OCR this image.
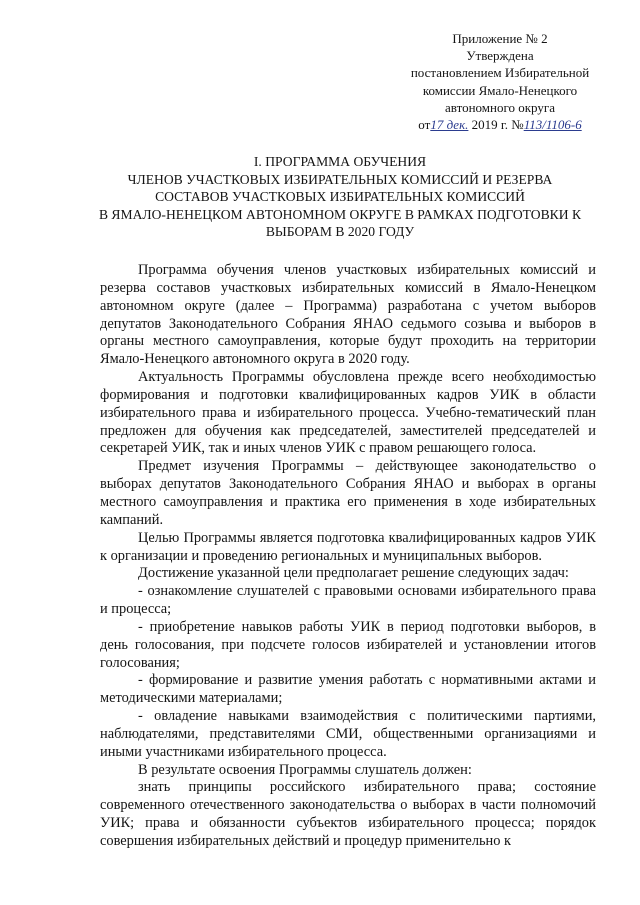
Приложение № 2
Утверждена
постановлением Избирательной
комиссии Ямало-Ненецкого
автономного округа
от17 дек. 2019 г. №113/1106-6
I. ПРОГРАММА ОБУЧЕНИЯ
ЧЛЕНОВ УЧАСТКОВЫХ ИЗБИРАТЕЛЬНЫХ КОМИССИЙ И РЕЗЕРВА
СОСТАВОВ УЧАСТКОВЫХ ИЗБИРАТЕЛЬНЫХ КОМИССИЙ
В ЯМАЛО-НЕНЕЦКОМ АВТОНОМНОМ ОКРУГЕ В РАМКАХ ПОДГОТОВКИ К
ВЫБОРАМ В 2020 ГОДУ

Программа обучения членов участковых избирательных комиссий и резерва составов участковых избирательных комиссий в Ямало-Ненецком автономном округе (далее – Программа) разработана с учетом выборов депутатов Законодательного Собрания ЯНАО седьмого созыва и выборов в органы местного самоуправления, которые будут проходить на территории Ямало-Ненецкого автономного округа в 2020 году.

Актуальность Программы обусловлена прежде всего необходимостью формирования и подготовки квалифицированных кадров УИК в области избирательного права и избирательного процесса. Учебно-тематический план предложен для обучения как председателей, заместителей председателей и секретарей УИК, так и иных членов УИК с правом решающего голоса.

Предмет изучения Программы – действующее законодательство о выборах депутатов Законодательного Собрания ЯНАО и выборах в органы местного самоуправления и практика его применения в ходе избирательных кампаний.

Целью Программы является подготовка квалифицированных кадров УИК к организации и проведению региональных и муниципальных выборов.

Достижение указанной цели предполагает решение следующих задач:

- ознакомление слушателей с правовыми основами избирательного права и процесса;

- приобретение навыков работы УИК в период подготовки выборов, в день голосования, при подсчете голосов избирателей и установлении итогов голосования;

- формирование и развитие умения работать с нормативными актами и методическими материалами;

- овладение навыками взаимодействия с политическими партиями, наблюдателями, представителями СМИ, общественными организациями и иными участниками избирательного процесса.

В результате освоения Программы слушатель должен:

знать принципы российского избирательного права; состояние современного отечественного законодательства о выборах в части полномочий УИК; права и обязанности субъектов избирательного процесса; порядок совершения избирательных действий и процедур применительно к
